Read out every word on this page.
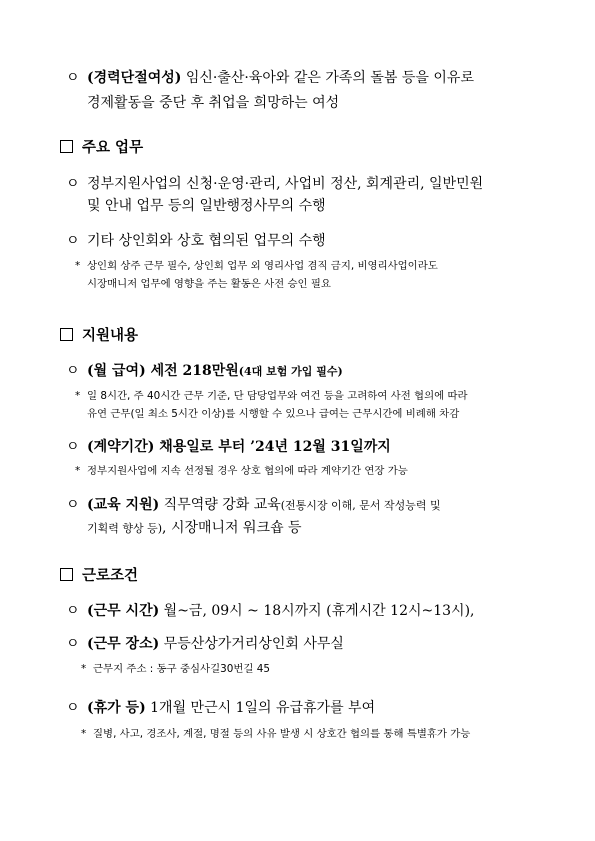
ㅇ (경력단절여성) 임신·출산·육아와 같은 가족의 돌봄 등을 이유로
경제활동을 중단 후 취업을 희망하는 여성
주요 업무
ㅇ 정부지원사업의 신청·운영·관리, 사업비 정산, 회계관리, 일반민원
및 안내 업무 등의 일반행정사무의 수행
ㅇ 기타 상인회와 상호 협의된 업무의 수행
* 상인회 상주 근무 필수, 상인회 업무 외 영리사업 겸직 금지, 비영리사업이라도
시장매니저 업무에 영향을 주는 활동은 사전 승인 필요
지원내용
ㅇ (월 급여) 세전 218만원(4대 보험 가입 필수)
* 일 8시간, 주 40시간 근무 기준, 단 담당업무와 여건 등을 고려하여 사전 협의에 따라
유연 근무(일 최소 5시간 이상)를 시행할 수 있으나 급여는 근무시간에 비례해 차감
ㅇ (계약기간) 채용일로 부터 ’24년 12월 31일까지
* 정부지원사업에 지속 선정될 경우 상호 협의에 따라 계약기간 연장 가능
ㅇ (교육 지원) 직무역량 강화 교육(전통시장 이해, 문서 작성능력 및
기획력 향상 등), 시장매니저 워크숍 등
근로조건
ㅇ (근무 시간) 월~금, 09시 ~ 18시까지 (휴게시간 12시~13시),
ㅇ (근무 장소) 무등산상가거리상인회 사무실
* 근무지 주소 : 동구 중심사길30번길 45
ㅇ (휴가 등) 1개월 만근시 1일의 유급휴가를 부여
* 질병, 사고, 경조사, 계절, 명절 등의 사유 발생 시 상호간 협의를 통해 특별휴가 가능
